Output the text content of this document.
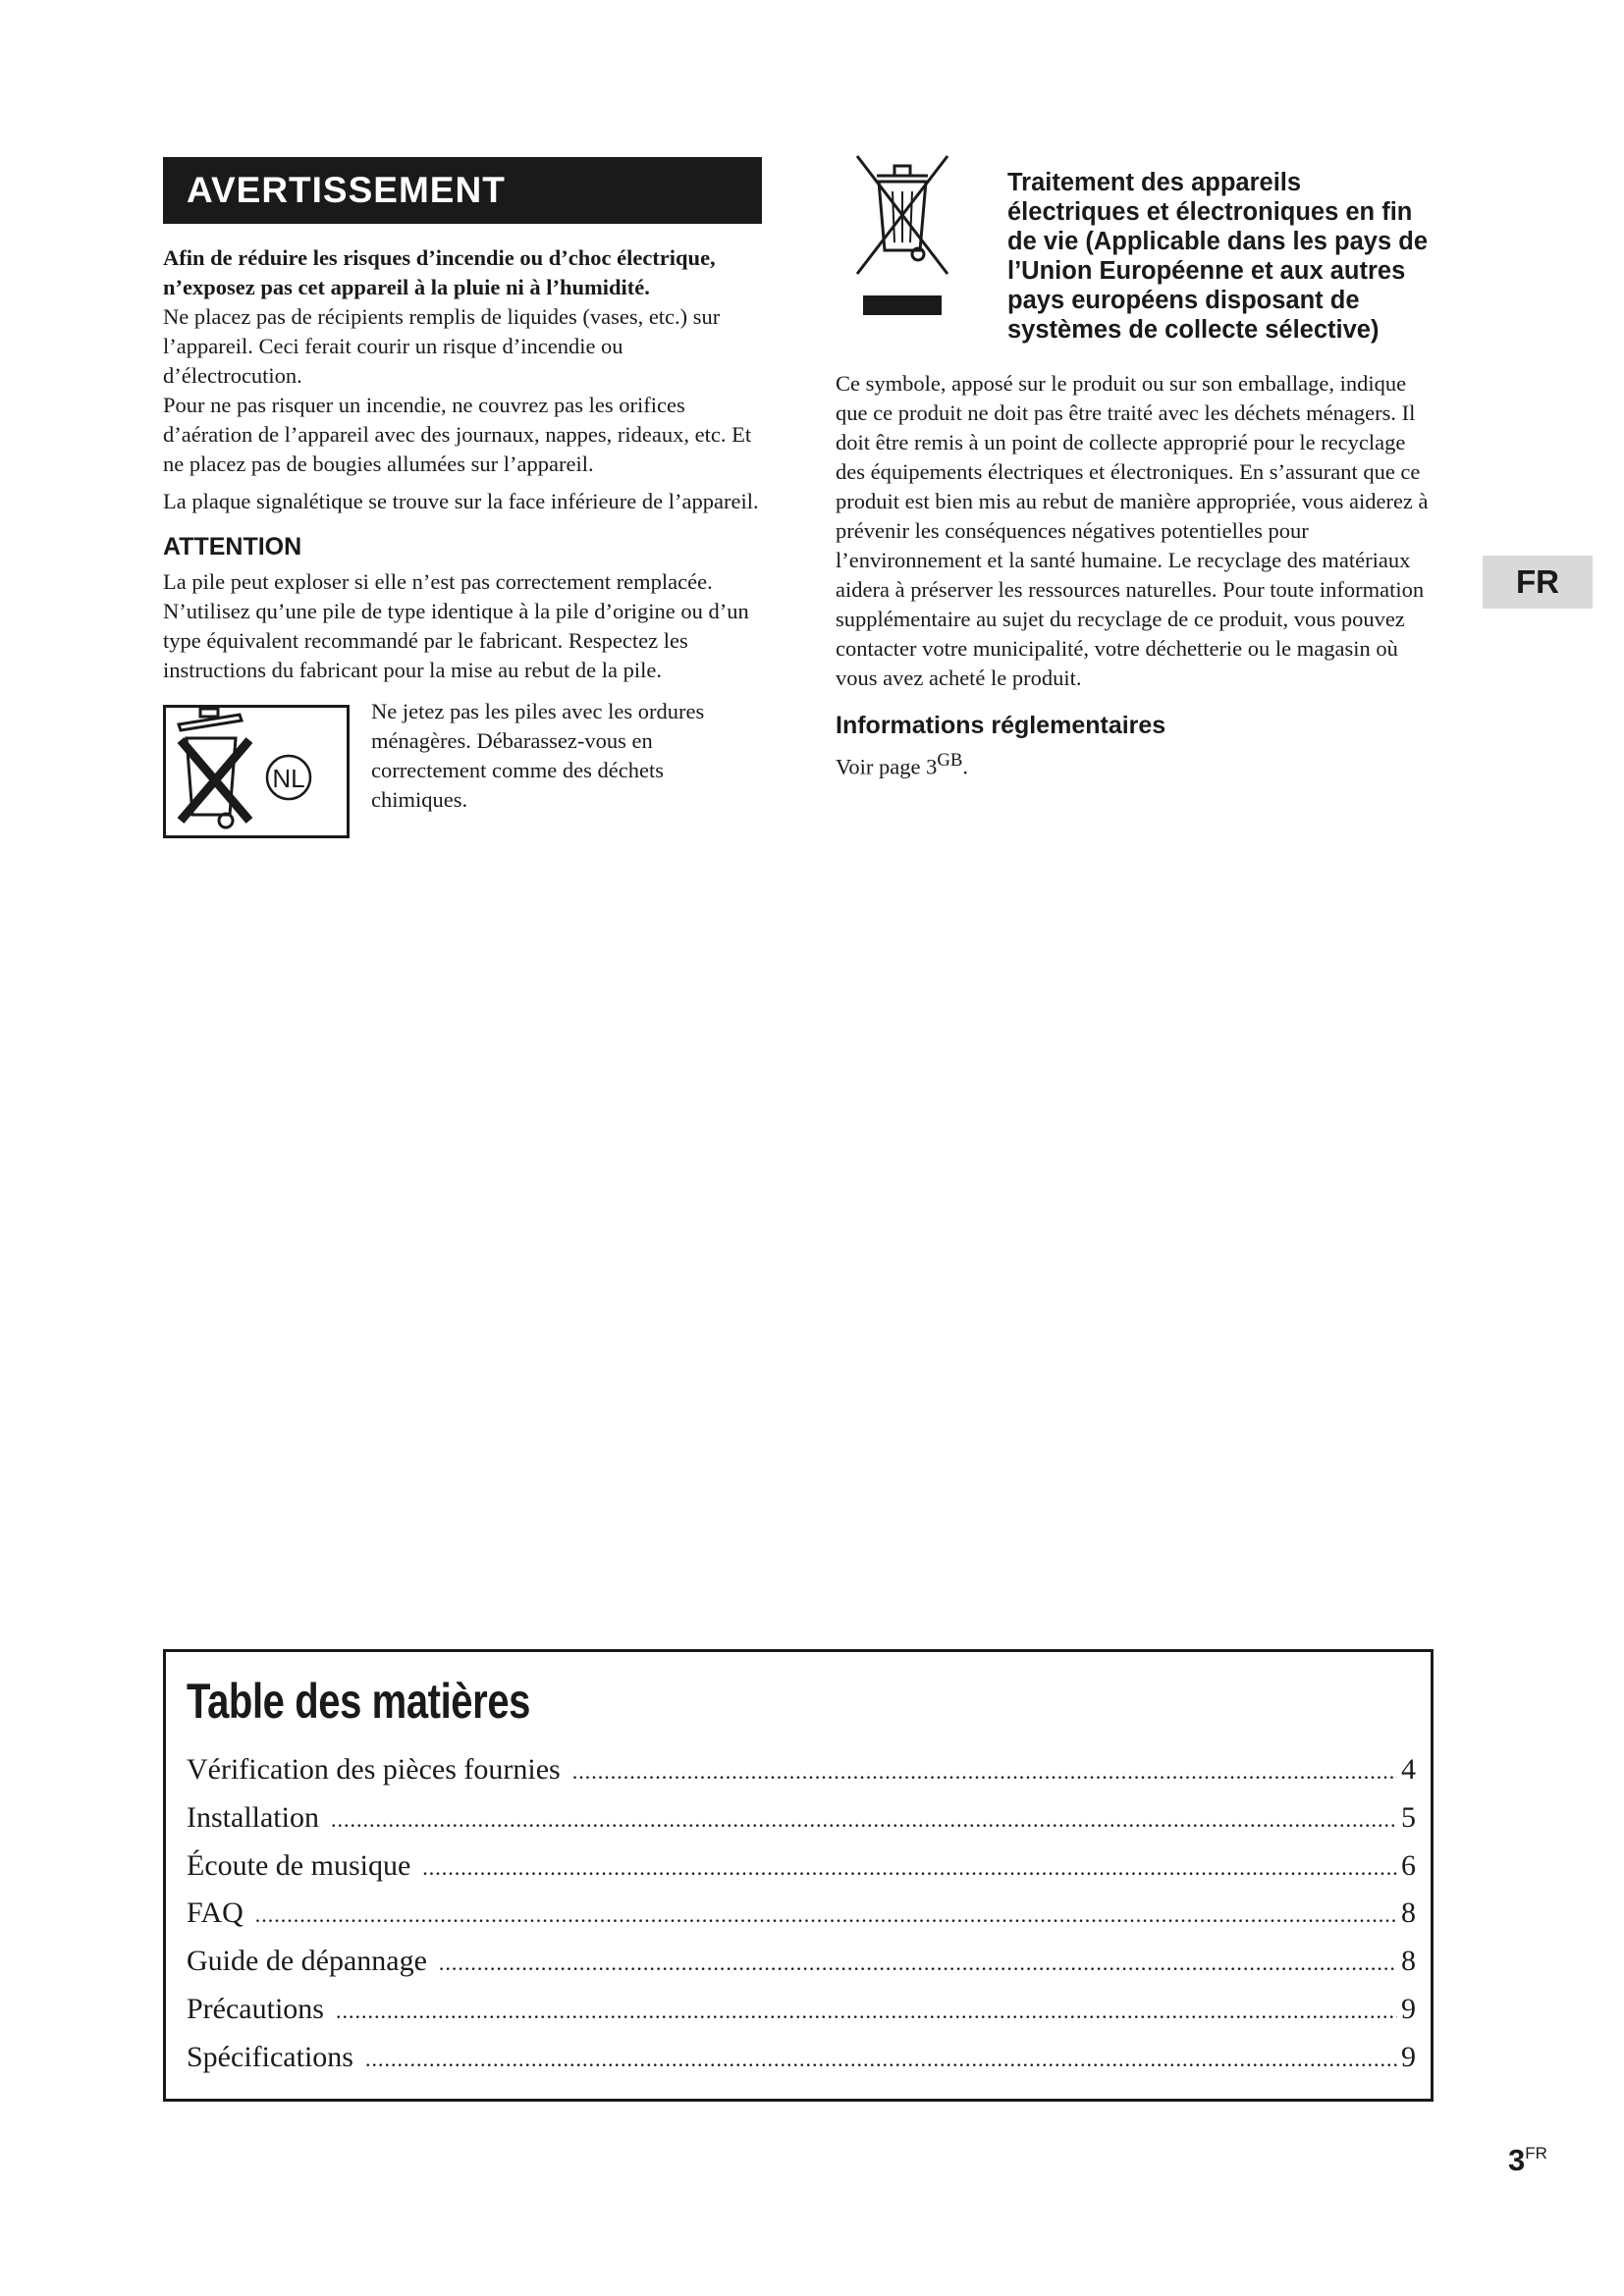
AVERTISSEMENT

Afin de réduire les risques d’incendie ou d’choc électrique, n’exposez pas cet appareil à la pluie ni à l’humidité.

Ne placez pas de récipients remplis de liquides (vases, etc.) sur l’appareil. Ceci ferait courir un risque d’incendie ou d’électrocution.

Pour ne pas risquer un incendie, ne couvrez pas les orifices d’aération de l’appareil avec des journaux, nappes, rideaux, etc. Et ne placez pas de bougies allumées sur l’appareil.

La plaque signalétique se trouve sur la face inférieure de l’appareil.

ATTENTION

La pile peut exploser si elle n’est pas correctement remplacée. N’utilisez qu’une pile de type identique à la pile d’origine ou d’un type équivalent recommandé par le fabricant. Respectez les instructions du fabricant pour la mise au rebut de la pile.

NL

Ne jetez pas les piles avec les ordures ménagères. Débarassez-vous en correctement comme des déchets chimiques.

Traitement des appareils électriques et électroniques en fin de vie (Applicable dans les pays de l’Union Européenne et aux autres pays européens disposant de systèmes de collecte sélective)

Ce symbole, apposé sur le produit ou sur son emballage, indique que ce produit ne doit pas être traité avec les déchets ménagers. Il doit être remis à un point de collecte approprié pour le recyclage des équipements électriques et électroniques. En s’assurant que ce produit est bien mis au rebut de manière appropriée, vous aiderez à prévenir les conséquences négatives potentielles pour l’environnement et la santé humaine. Le recyclage des matériaux aidera à préserver les ressources naturelles. Pour toute information supplémentaire au sujet du recyclage de ce produit, vous pouvez contacter votre municipalité, votre déchetterie ou le magasin où vous avez acheté le produit.

Informations réglementaires

Voir page $3^{GB}$.

FR
Table des matières
Vérification des pièces fournies .....	4
Installation .....	5
Écoute de musique .....	6
FAQ .....	8
Guide de dépannage .....	8
Précautions .....	9
Spécifications .....	9
$3^{FR}$
